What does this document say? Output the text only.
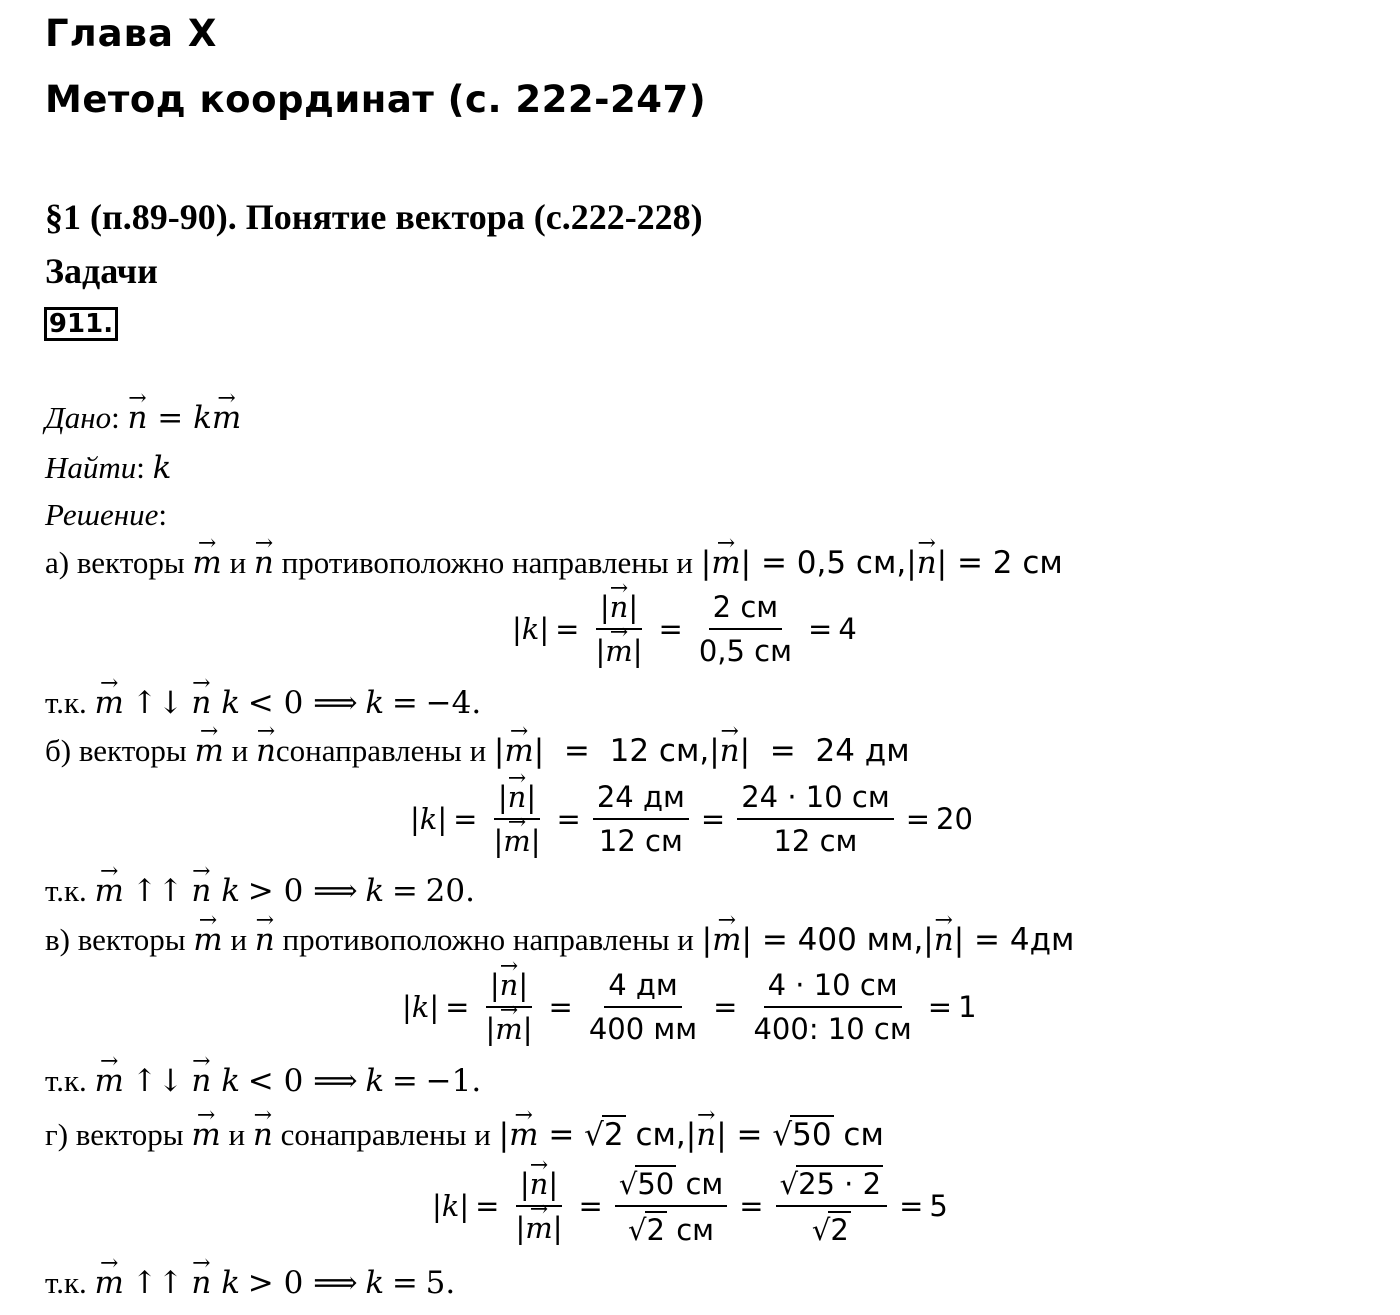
Глава X
Метод координат (с. 222-247)
§1 (п.89-90). Понятие вектора (с.222-228)
Задачи
911.
Дано: n → = km →
Найти: k
Решение:
а) векторы m → и n → противоположно направлены и |m →| = 0,5 см,|n →| = 2 см
$|k| = \frac{|n \to|}{|m \to|} = \frac{2 см}{0,5 см} = 4$
т.к. m → ↑↓ n → k < 0 ⟹ k = −4.
б) векторы m → и n →сонаправлены и |m →|  =  12 см,|n →|  =  24 дм
$|k| = \frac{|n \to|}{|m \to|} = \frac{24 дм}{12 см} = \frac{24 \cdot 10 см}{12 см} = 20$
т.к. m → ↑↑ n → k > 0 ⟹ k = 20.
в) векторы m → и n → противоположно направлены и |m →| = 400 мм,|n →| = 4дм
$|k| = \frac{|n \to|}{|m \to|} = \frac{4 дм}{400 мм} = \frac{4 \cdot 10 см}{400: 10 см} = 1$
т.к. m → ↑↓ n → k < 0 ⟹ k = −1.
г) векторы m → и n → сонаправлены и |m → = √2 см,|n →| = √50 см
$|k| = \frac{|n \to|}{|m \to|} = \frac{√50 см}{√2 см} = \frac{√25 \cdot 2}{√2} = 5$
т.к. m → ↑↑ n → k > 0 ⟹ k = 5.
